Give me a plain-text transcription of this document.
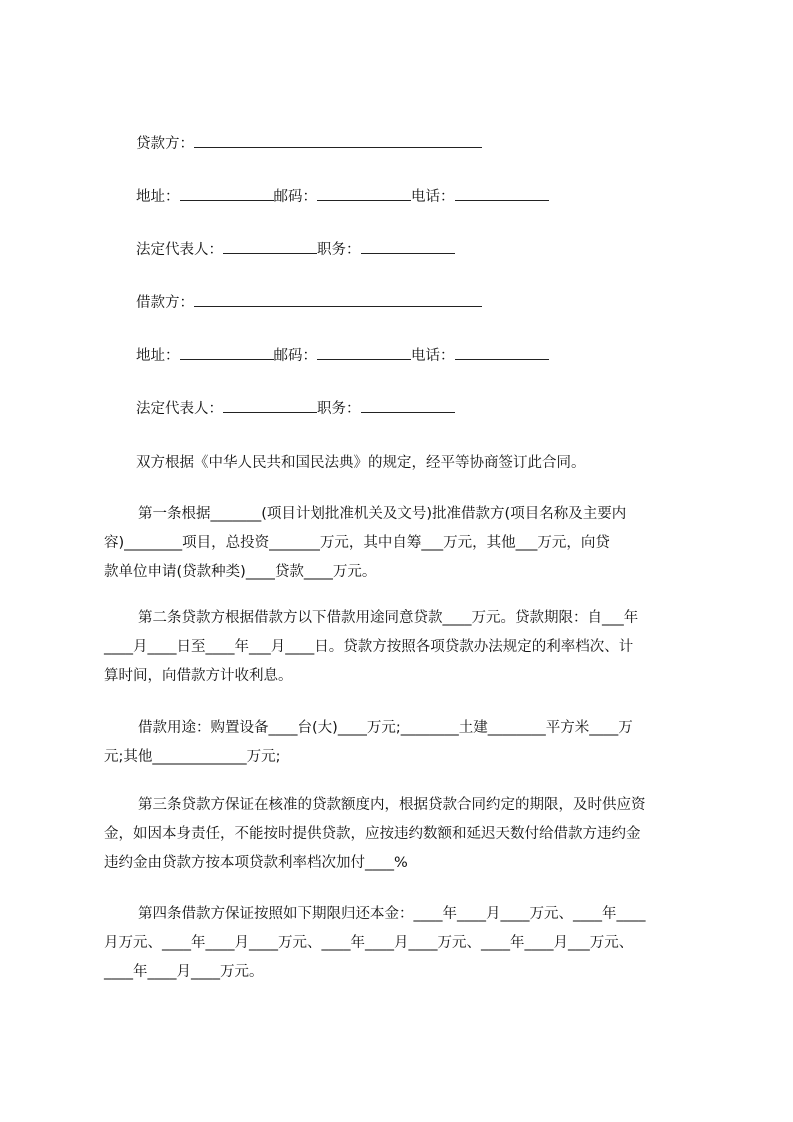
贷款方：
地址：	邮码：	电话：
法定代表人：	职务：
借款方：
地址：	邮码：	电话：
法定代表人：	职务：
双方根据《中华人民共和国民法典》的规定，经平等协商签订此合同。
第一条根据_______(项目计划批准机关及文号)批准借款方(项目名称及主要内
容)________项目，总投资_______万元，其中自筹___万元，其他___万元，向贷
款单位申请(贷款种类)____贷款____万元。
第二条贷款方根据借款方以下借款用途同意贷款____万元。贷款期限：自___年
____月____日至____年___月____日。贷款方按照各项贷款办法规定的利率档次、计
算时间，向借款方计收利息。
借款用途：购置设备____台(大)____万元;________土建________平方米____万
元;其他_____________万元;
第三条贷款方保证在核准的贷款额度内，根据贷款合同约定的期限，及时供应资
金，如因本身责任，不能按时提供贷款，应按违约数额和延迟天数付给借款方违约金
违约金由贷款方按本项贷款利率档次加付____%
第四条借款方保证按照如下期限归还本金：____年____月____万元、____年____
月万元、____年____月____万元、____年____月____万元、____年____月___万元、
____年____月____万元。
